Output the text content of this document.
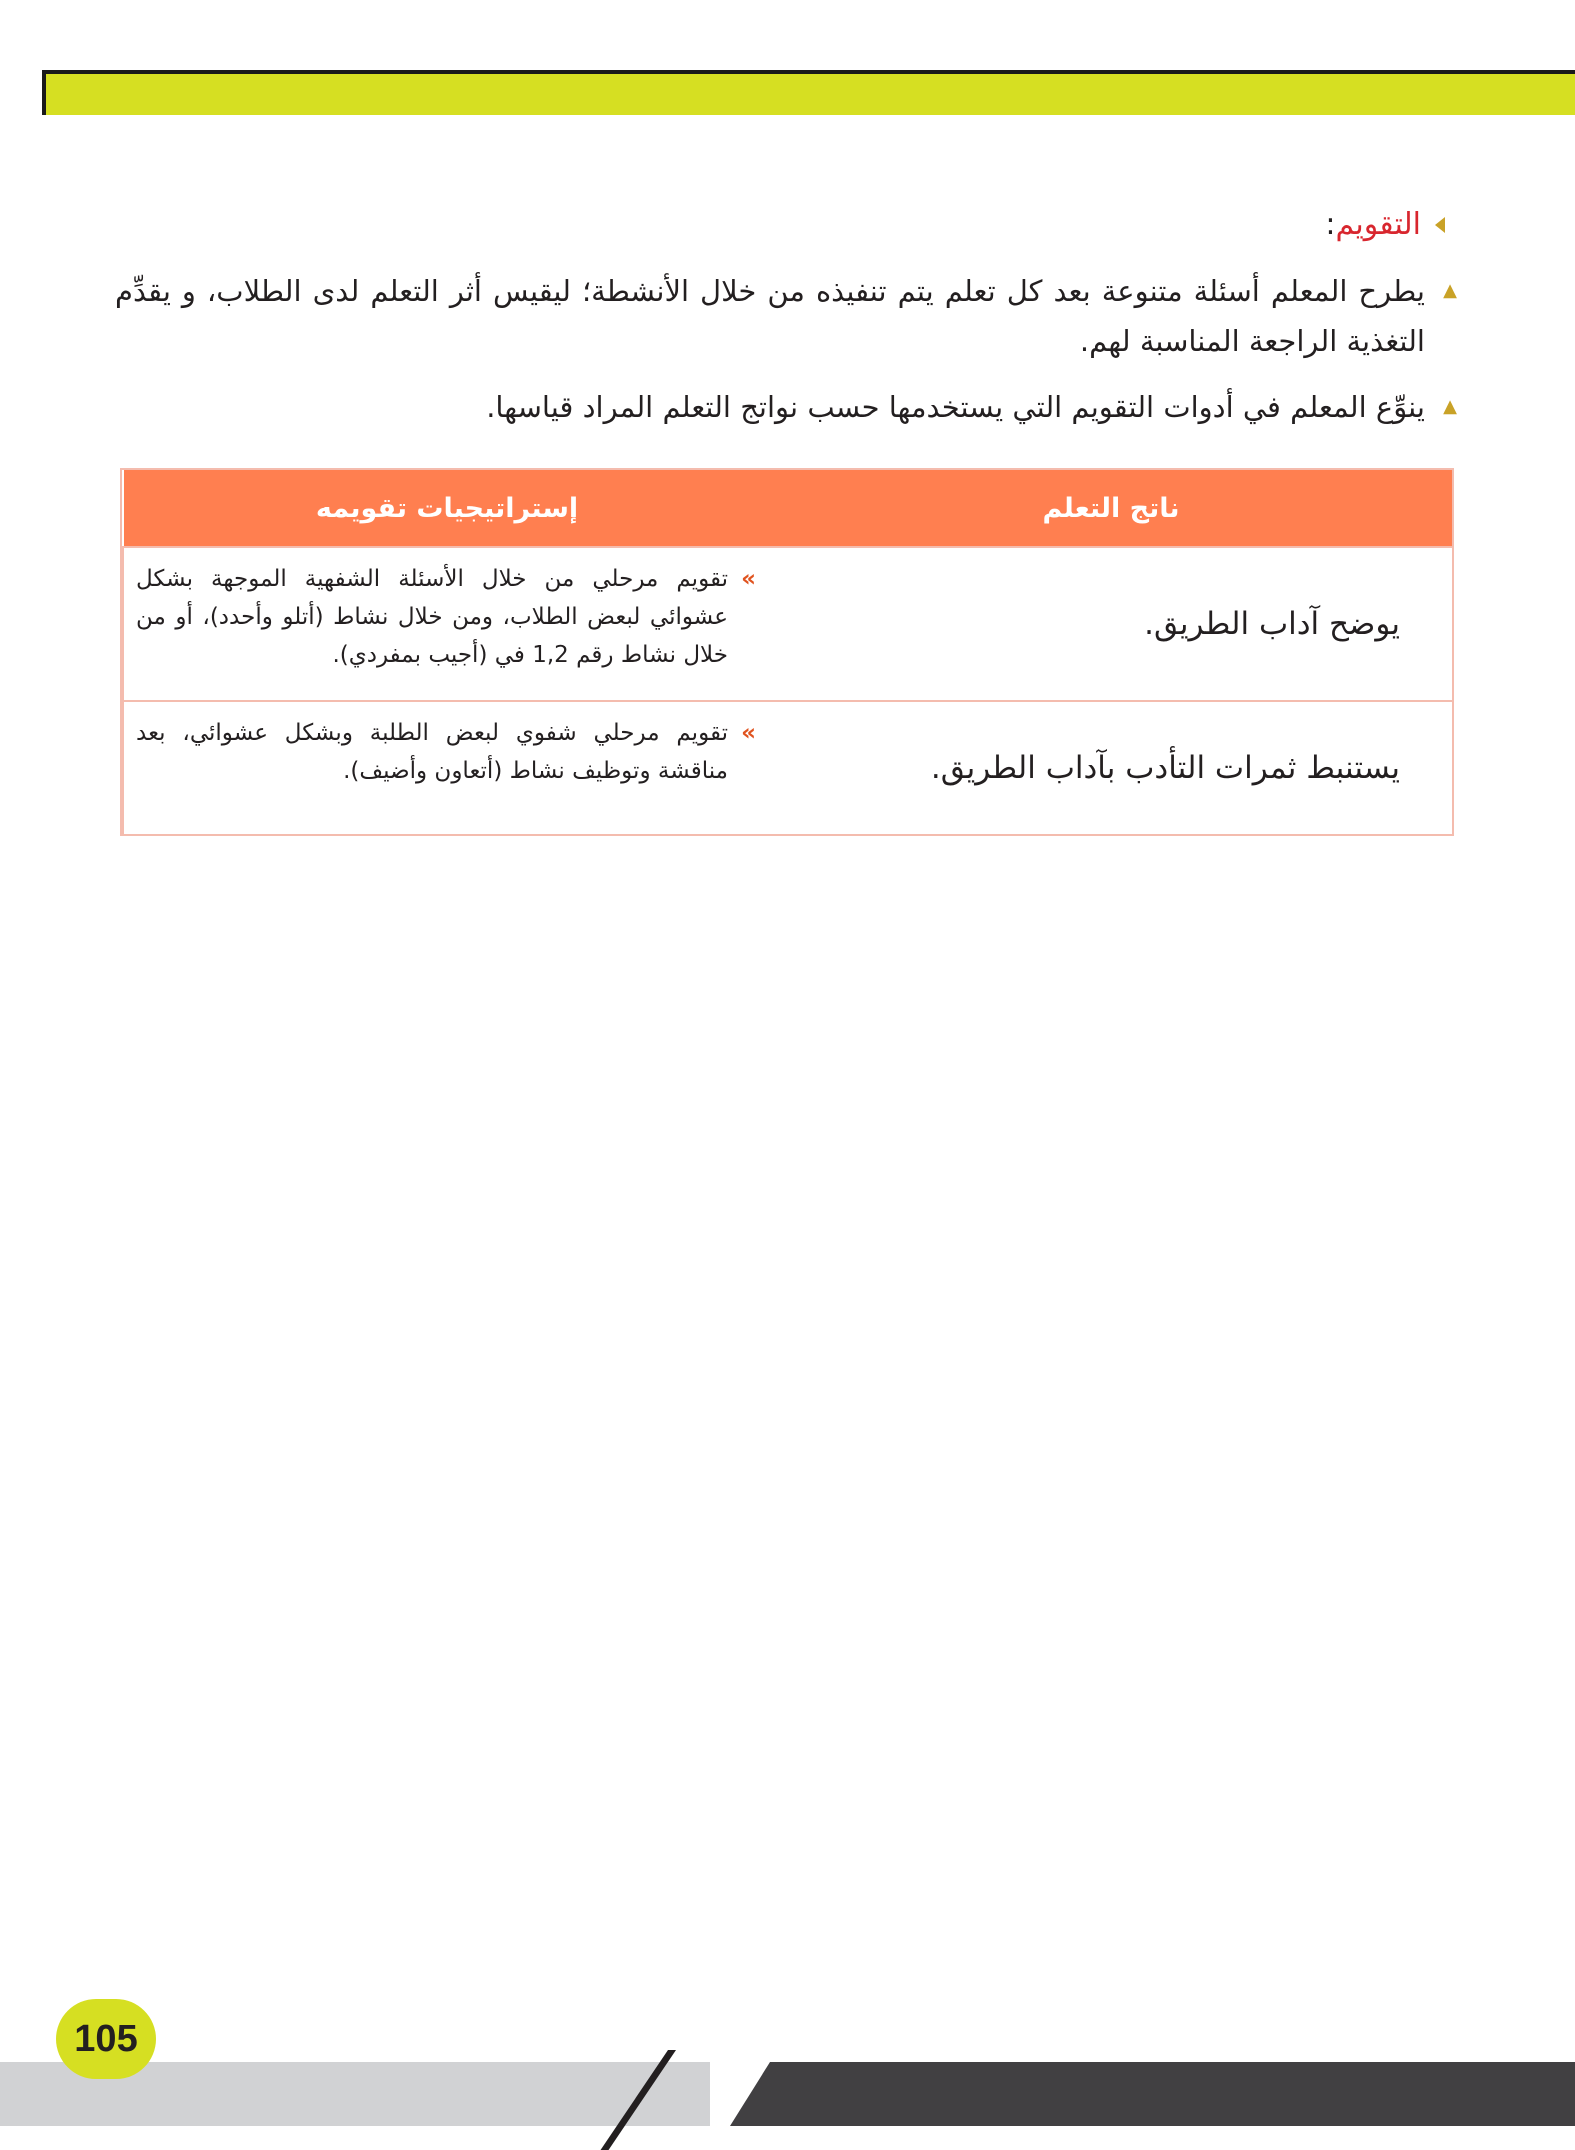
التقويم
:
▲
يطرح المعلم أسئلة متنوعة بعد كل تعلم يتم تنفيذه من خلال الأنشطة؛ ليقيس أثر التعلم لدى الطلاب، و يقدِّم التغذية الراجعة المناسبة لهم.
▲
ينوِّع المعلم في أدوات التقويم التي يستخدمها حسب نواتج التعلم المراد قياسها.
ناتج التعلم
إستراتيجيات تقويمه
يوضح آداب الطريق.
»
تقويم مرحلي من خلال الأسئلة الشفهية الموجهة بشكل عشوائي لبعض الطلاب، ومن خلال نشاط (أتلو وأحدد)، أو من خلال نشاط رقم 1,2 في (أجيب بمفردي).
يستنبط ثمرات التأدب بآداب الطريق.
»
تقويم مرحلي شفوي لبعض الطلبة وبشكل عشوائي، بعد مناقشة وتوظيف نشاط (أتعاون وأضيف).
105
